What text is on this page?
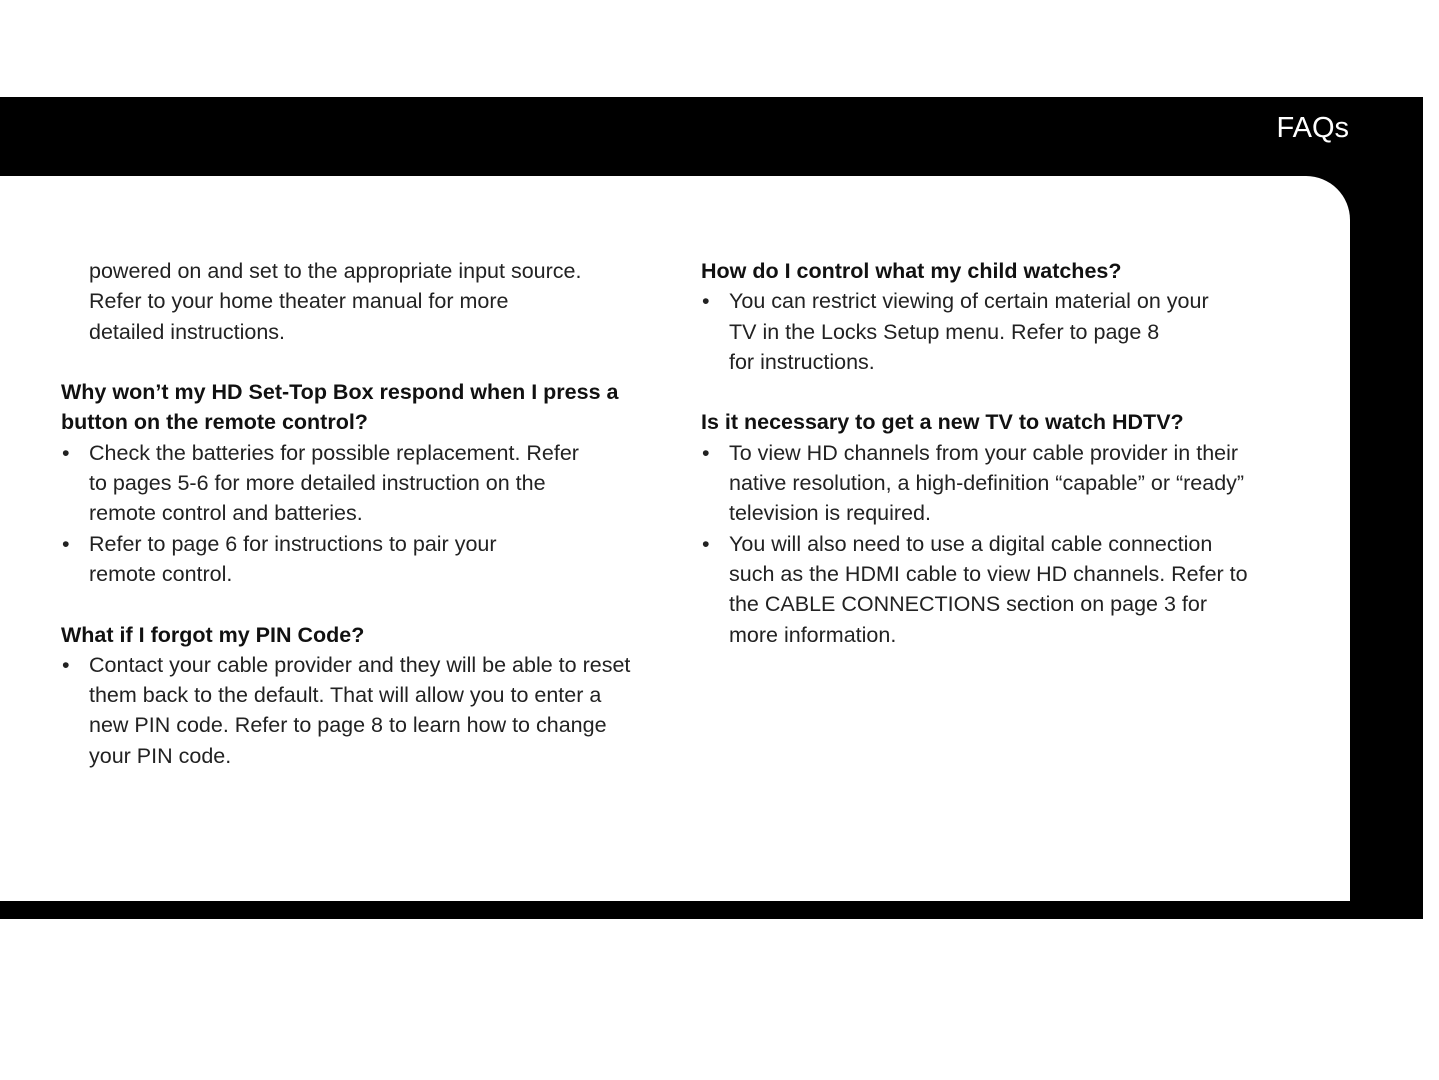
FAQs

powered on and set to the appropriate input source.
Refer to your home theater manual for more
detailed instructions.

Why won’t my HD Set-Top Box respond when I press a
button on the remote control?
• Check the batteries for possible replacement. Refer
to pages 5-6 for more detailed instruction on the
remote control and batteries.
• Refer to page 6 for instructions to pair your
remote control.
What if I forgot my PIN Code?
• Contact your cable provider and they will be able to reset
them back to the default. That will allow you to enter a
new PIN code. Refer to page 8 to learn how to change
your PIN code.
How do I control what my child watches?
• You can restrict viewing of certain material on your
TV in the Locks Setup menu. Refer to page 8
for instructions.
Is it necessary to get a new TV to watch HDTV?
• To view HD channels from your cable provider in their
native resolution, a high-definition “capable” or “ready”
television is required.
• You will also need to use a digital cable connection
such as the HDMI cable to view HD channels. Refer to
the CABLE CONNECTIONS section on page 3 for
more information.
